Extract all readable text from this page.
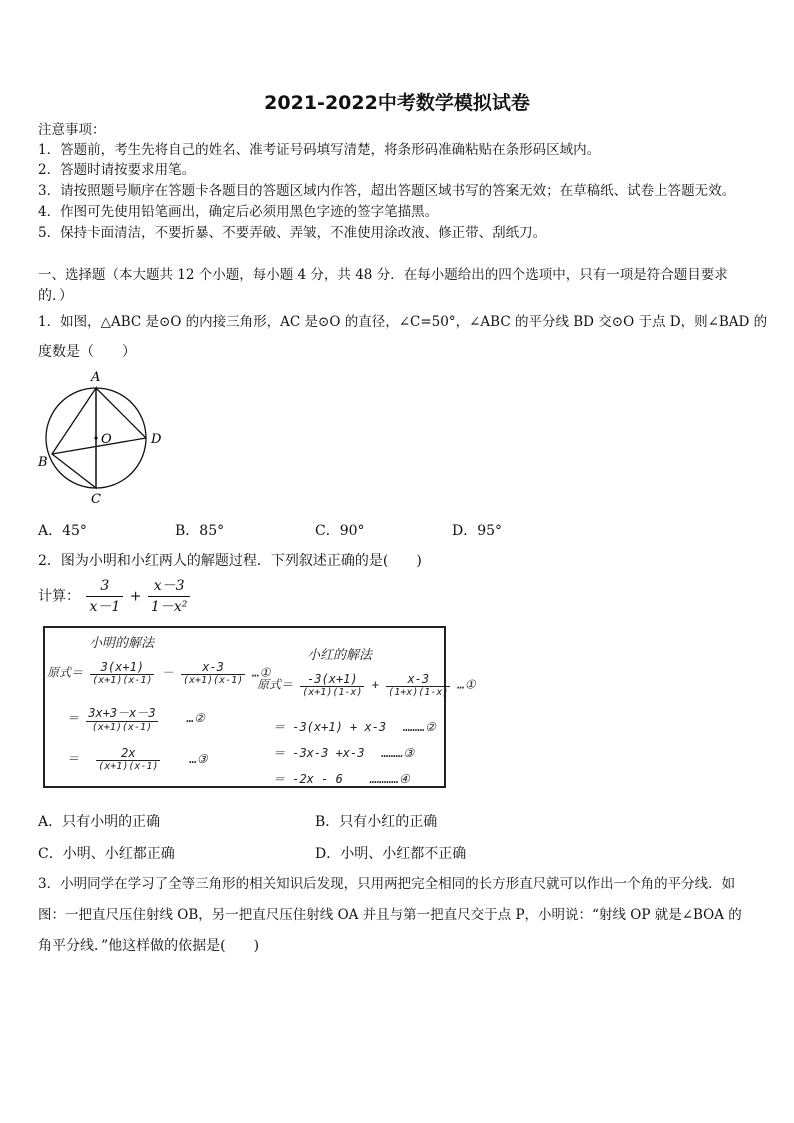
2021-2022中考数学模拟试卷
注意事项：
1．答题前，考生先将自己的姓名、准考证号码填写清楚，将条形码准确粘贴在条形码区域内。
2．答题时请按要求用笔。
3．请按照题号顺序在答题卡各题目的答题区域内作答，超出答题区域书写的答案无效；在草稿纸、试卷上答题无效。
4．作图可先使用铅笔画出，确定后必须用黑色字迹的签字笔描黑。
5．保持卡面清洁，不要折暴、不要弄破、弄皱，不准使用涂改液、修正带、刮纸刀。
一、选择题（本大题共 12 个小题，每小题 4 分，共 48 分．在每小题给出的四个选项中，只有一项是符合题目要求
的．）
1．如图，△ABC 是⊙O 的内接三角形，AC 是⊙O 的直径，∠C=50°，∠ABC 的平分线 BD 交⊙O 于点 D，则∠BAD 的
度数是（　　）
A
O	D
B
C
A．45°	B．85°	C．90°	D．95°
2．图为小明和小红两人的解题过程．下列叙述正确的是(　　)
计算： $\frac{3}{x-1} + \frac{x-3}{\text{1－x²}}$
小明的解法
小红的解法
原式＝ $\frac{3(x+1)}{(x+1)(x-1)} - \frac{x-3}{(x+1)(x-1)}$ …①
＝ $\frac{3x+3-x-3}{(x+1)(x-1)}$ …②
＝ $\frac{2x}{(x+1)(x-1)}$ …③
原式＝ $\frac{-3(x+1)}{(x+1)(1-x)} + \frac{x-3}{(1+x)(1-x)}$ …①
＝ -3(x+1) + x-3 ………②
＝ -3x-3 +x-3 ………③
＝ -2x - 6 …………④
A．只有小明的正确	B．只有小红的正确
C．小明、小红都正确	D．小明、小红都不正确
3．小明同学在学习了全等三角形的相关知识后发现，只用两把完全相同的长方形直尺就可以作出一个角的平分线．如
图：一把直尺压住射线 OB，另一把直尺压住射线 OA 并且与第一把直尺交于点 P，小明说：“射线 OP 就是∠BOA 的
角平分线．”他这样做的依据是(　　)
